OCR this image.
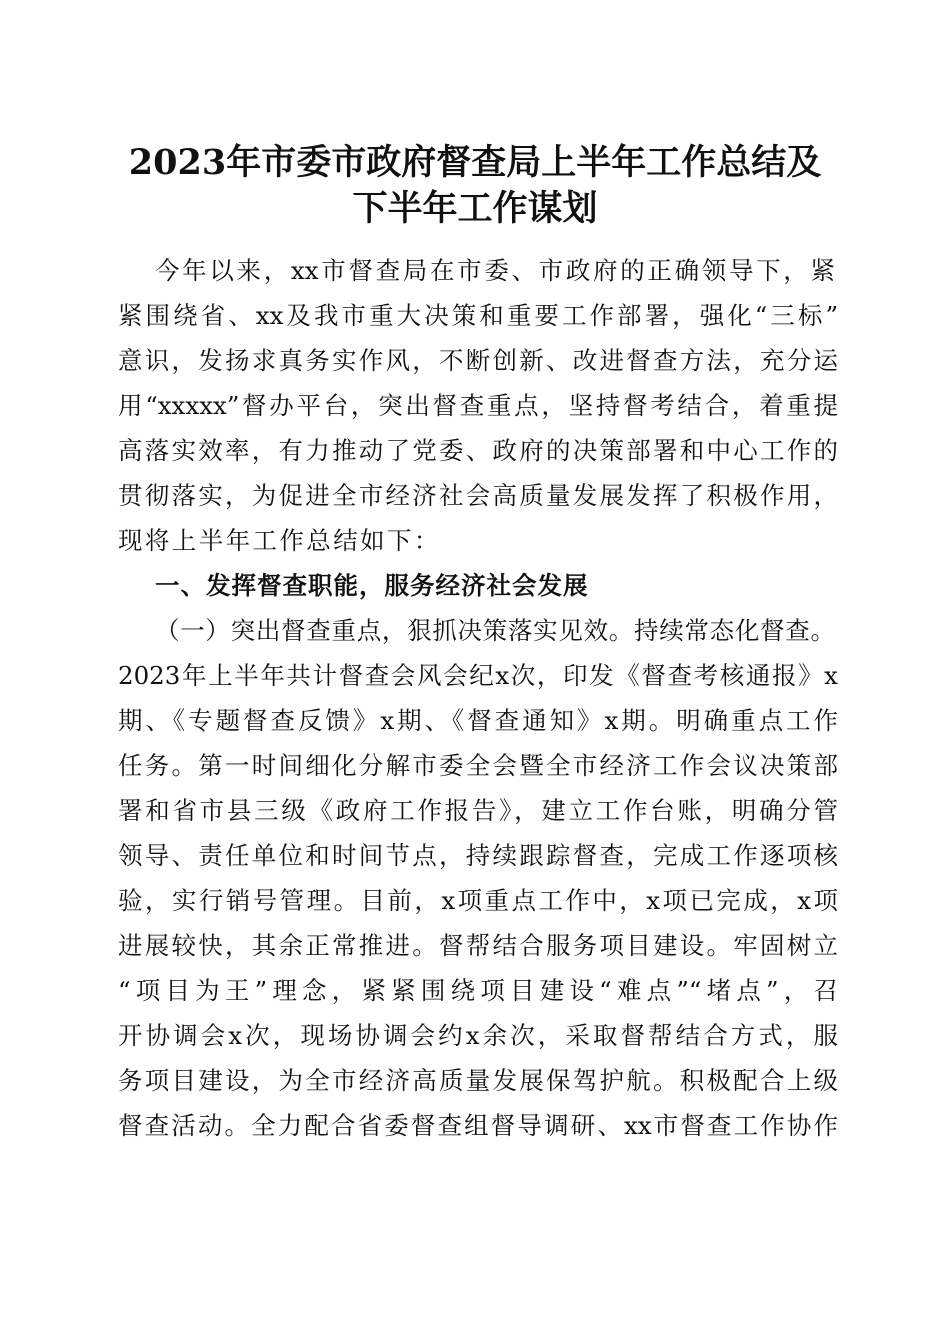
2023年市委市政府督查局上半年工作总结及
下半年工作谋划

今年以来，xx市督查局在市委、市政府的正确领导下，紧

紧围绕省、xx及我市重大决策和重要工作部署，强化“三标”

意识，发扬求真务实作风，不断创新、改进督查方法，充分运

用“xxxxx”督办平台，突出督查重点，坚持督考结合，着重提

高落实效率，有力推动了党委、政府的决策部署和中心工作的

贯彻落实，为促进全市经济社会高质量发展发挥了积极作用，

现将上半年工作总结如下：

一、发挥督查职能，服务经济社会发展

（一）突出督查重点，狠抓决策落实见效。持续常态化督查。

2023年上半年共计督查会风会纪x次，印发《督查考核通报》x

期、《专题督查反馈》x期、《督查通知》x期。明确重点工作

任务。第一时间细化分解市委全会暨全市经济工作会议决策部

署和省市县三级《政府工作报告》，建立工作台账，明确分管

领导、责任单位和时间节点，持续跟踪督查，完成工作逐项核

验，实行销号管理。目前，x项重点工作中，x项已完成，x项

进展较快，其余正常推进。督帮结合服务项目建设。牢固树立

“项目为王”理念，紧紧围绕项目建设“难点”“堵点”，召

开协调会x次，现场协调会约x余次，采取督帮结合方式，服

务项目建设，为全市经济高质量发展保驾护航。积极配合上级

督查活动。全力配合省委督查组督导调研、xx市督查工作协作
